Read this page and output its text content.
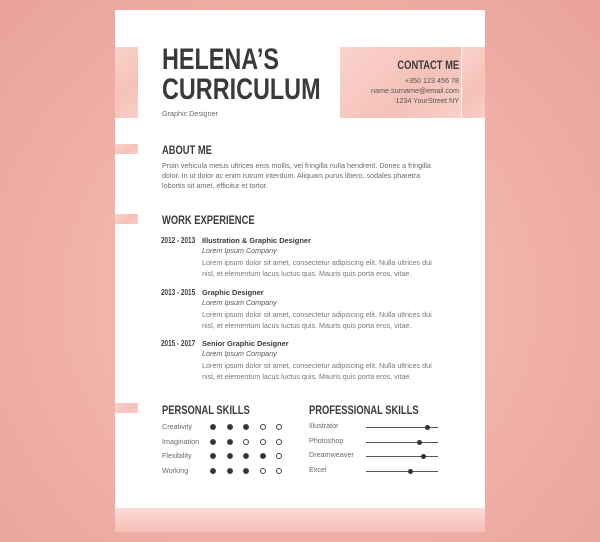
HELENA’S
CURRICULUM
Graphic Designer
CONTACT ME
+350 123 456 78
name.surname@email.com
1234 YourStreet NY
ABOUT ME
Proin vehicula metus ultrices eros mollis, vel fringilla nulla hendrerit. Donec a fringilla
dolor. In ut dolor ac enim rutrum interdum. Aliquam purus libero, sodales pharetra
lobortis sit amet, efficitur et tortor.
WORK EXPERIENCE
2012 - 2013 Illustration & Graphic Designer
Lorem Ipsum Company
Lorem ipsum dolor sit amet, consectetur adipiscing elit. Nulla ultrices dui
nisl, et elementum lacus luctus quis. Mauris quis porta eros, vitae.
2013 - 2015 Graphic Designer
Lorem Ipsum Company
Lorem ipsum dolor sit amet, consectetur adipiscing elit. Nulla ultrices dui
nisl, et elementum lacus luctus quis. Mauris quis porta eros, vitae.
2015 - 2017 Senior Graphic Designer
Lorem Ipsum Company
Lorem ipsum dolor sit amet, consectetur adipiscing elit. Nulla ultrices dui
nisl, et elementum lacus luctus quis. Mauris quis porta eros, vitae.
PERSONAL SKILLS	PROFESSIONAL SKILLS
Creativity
Imagination
Flexibility
Working
Illustrator
Photoshop
Dreamweaver
Excel
